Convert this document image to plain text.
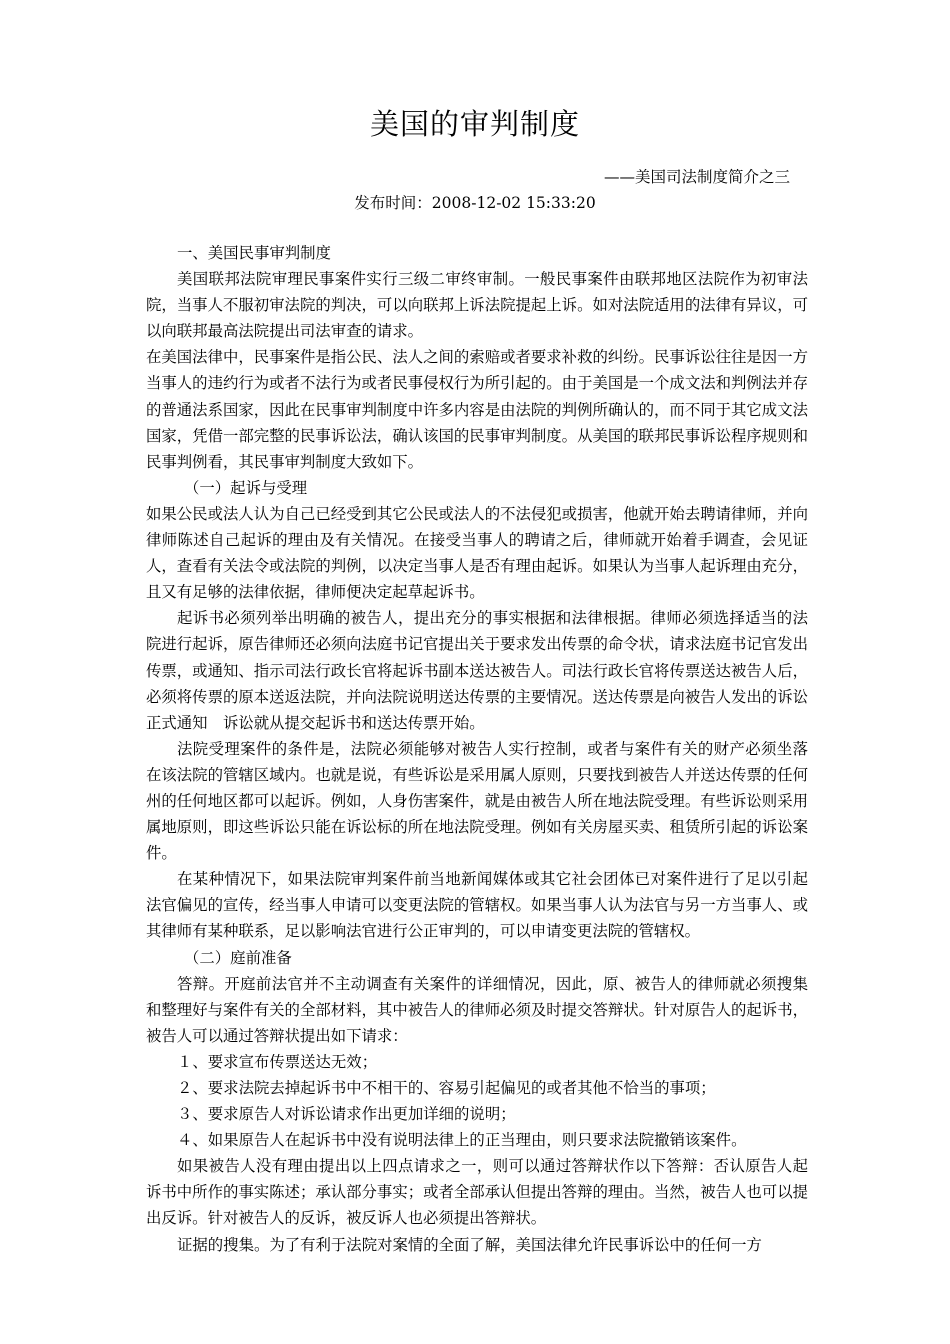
美国的审判制度
——美国司法制度简介之三
发布时间：2008-12-02 15:33:20

一、美国民事审判制度

美国联邦法院审理民事案件实行三级二审终审制。一般民事案件由联邦地区法院作为初审法院，当事人不服初审法院的判决，可以向联邦上诉法院提起上诉。如对法院适用的法律有异议，可以向联邦最高法院提出司法审查的请求。

在美国法律中，民事案件是指公民、法人之间的索赔或者要求补救的纠纷。民事诉讼往往是因一方当事人的违约行为或者不法行为或者民事侵权行为所引起的。由于美国是一个成文法和判例法并存的普通法系国家，因此在民事审判制度中许多内容是由法院的判例所确认的，而不同于其它成文法国家，凭借一部完整的民事诉讼法，确认该国的民事审判制度。从美国的联邦民事诉讼程序规则和民事判例看，其民事审判制度大致如下。

（一）起诉与受理

如果公民或法人认为自己已经受到其它公民或法人的不法侵犯或损害，他就开始去聘请律师，并向律师陈述自己起诉的理由及有关情况。在接受当事人的聘请之后，律师就开始着手调查，会见证人，查看有关法令或法院的判例，以决定当事人是否有理由起诉。如果认为当事人起诉理由充分，且又有足够的法律依据，律师便决定起草起诉书。

起诉书必须列举出明确的被告人，提出充分的事实根据和法律根据。律师必须选择适当的法院进行起诉，原告律师还必须向法庭书记官提出关于要求发出传票的命令状，请求法庭书记官发出传票，或通知、指示司法行政长官将起诉书副本送达被告人。司法行政长官将传票送达被告人后，必须将传票的原本送返法院，并向法院说明送达传票的主要情况。送达传票是向被告人发出的诉讼正式通知　诉讼就从提交起诉书和送达传票开始。

法院受理案件的条件是，法院必须能够对被告人实行控制，或者与案件有关的财产必须坐落在该法院的管辖区域内。也就是说，有些诉讼是采用属人原则，只要找到被告人并送达传票的任何州的任何地区都可以起诉。例如，人身伤害案件，就是由被告人所在地法院受理。有些诉讼则采用属地原则，即这些诉讼只能在诉讼标的所在地法院受理。例如有关房屋买卖、租赁所引起的诉讼案件。

在某种情况下，如果法院审判案件前当地新闻媒体或其它社会团体已对案件进行了足以引起法官偏见的宣传，经当事人申请可以变更法院的管辖权。如果当事人认为法官与另一方当事人、或其律师有某种联系，足以影响法官进行公正审判的，可以申请变更法院的管辖权。

（二）庭前准备

答辩。开庭前法官并不主动调查有关案件的详细情况，因此，原、被告人的律师就必须搜集和整理好与案件有关的全部材料，其中被告人的律师必须及时提交答辩状。针对原告人的起诉书，被告人可以通过答辩状提出如下请求：

１、要求宣布传票送达无效；

２、要求法院去掉起诉书中不相干的、容易引起偏见的或者其他不恰当的事项；

３、要求原告人对诉讼请求作出更加详细的说明；

４、如果原告人在起诉书中没有说明法律上的正当理由，则只要求法院撤销该案件。

如果被告人没有理由提出以上四点请求之一，则可以通过答辩状作以下答辩：否认原告人起诉书中所作的事实陈述；承认部分事实；或者全部承认但提出答辩的理由。当然，被告人也可以提出反诉。针对被告人的反诉，被反诉人也必须提出答辩状。

证据的搜集。为了有利于法院对案情的全面了解，美国法律允许民事诉讼中的任何一方
